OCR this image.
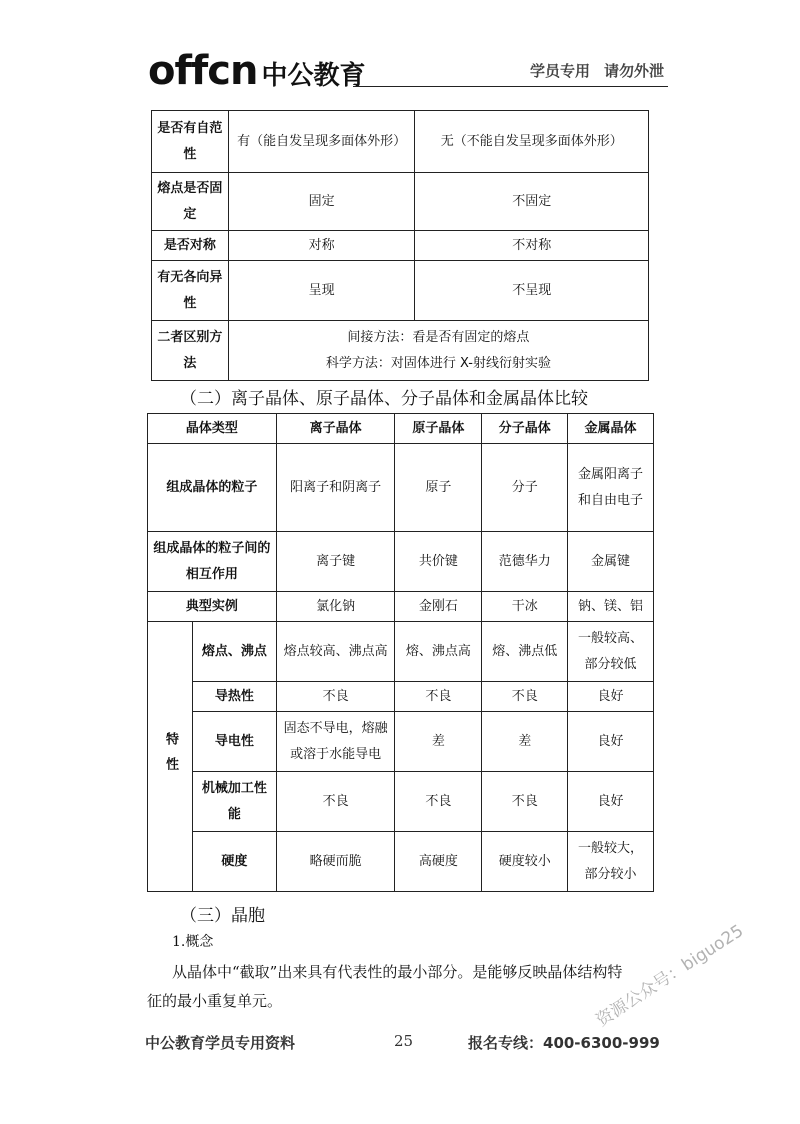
offcn 中公教育	学员专用 请勿外泄
是否有自范性	有（能自发呈现多面体外形）	无（不能自发呈现多面体外形）
熔点是否固定	固定	不固定
是否对称	对称	不对称
有无各向异性	呈现	不呈现
二者区别方法	间接方法：看是否有固定的熔点
科学方法：对固体进行 X-射线衍射实验	
（二）离子晶体、原子晶体、分子晶体和金属晶体比较
晶体类型		离子晶体	原子晶体	分子晶体	金属晶体
组成晶体的粒子		阳离子和阴离子	原子	分子	金属阳离子和自由电子
组成晶体的粒子间的相互作用		离子键	共价键	范德华力	金属键
典型实例		氯化钠	金刚石	干冰	钠、镁、铝
特性	熔点、沸点	熔点较高、沸点高	熔、沸点高	熔、沸点低	一般较高、部分较低
	导热性	不良	不良	不良	良好
	导电性	固态不导电，熔融或溶于水能导电	差	差	良好
	机械加工性能	不良	不良	不良	良好
	硬度	略硬而脆	高硬度	硬度较小	一般较大，部分较小
（三）晶胞
1.概念
从晶体中“截取”出来具有代表性的最小部分。是能够反映晶体结构特
征的最小重复单元。
中公教育学员专用资料	25	报名专线：400-6300-999
资源公众号：biguo25
